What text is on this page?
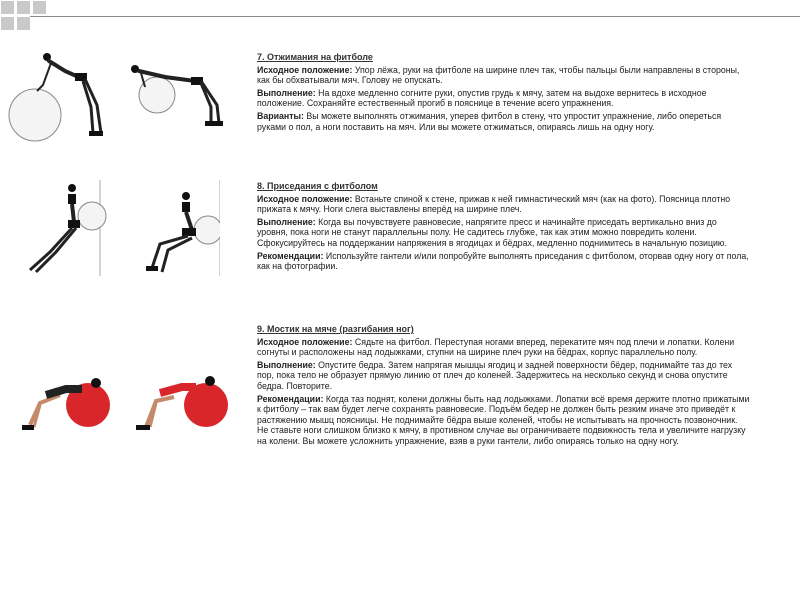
7. Отжимания на фитболе

Исходное положение: Упор лёжа, руки на фитболе на ширине плеч так, чтобы пальцы были направлены в стороны, как бы обхватывали мяч. Голову не опускать.

Выполнение: На вдохе медленно согните руки, опустив грудь к мячу, затем на выдохе вернитесь в исходное положение. Сохраняйте естественный прогиб в пояснице в течение всего упражнения.

Варианты: Вы можете выполнять отжимания, уперев фитбол в стену, что упростит упражнение, либо опереться руками о пол, а ноги поставить на мяч. Или вы можете отжиматься, опираясь лишь на одну ногу.

8. Приседания с фитболом

Исходное положение: Встаньте спиной к стене, прижав к ней гимнастический мяч (как на фото). Поясница плотно прижата к мячу. Ноги слега выставлены вперёд на ширине плеч.

Выполнение: Когда вы почувствуете равновесие, напрягите пресс и начинайте приседать вертикально вниз до уровня, пока ноги не станут параллельны полу. Не садитесь глубже, так как этим можно повредить колени. Сфокусируйтесь на поддержании напряжения в ягодицах и бёдрах, медленно поднимитесь в начальную позицию.

Рекомендации: Используйте гантели и/или попробуйте выполнять приседания с фитболом, оторвав одну ногу от пола, как на фотографии.

9. Мостик на мяче (разгибания ног)

Исходное положение: Сядьте на фитбол. Переступая ногами вперед, перекатите мяч под плечи и лопатки. Колени согнуты и расположены над лодыжками, ступни на ширине плеч руки на бёдрах, корпус параллельно полу.

Выполнение: Опустите бедра. Затем напрягая мышцы ягодиц и задней поверхности бёдер, поднимайте таз до тех пор, пока тело не образует прямую линию от плеч до коленей. Задержитесь на несколько секунд и снова опустите бедра. Повторите.

Рекомендации: Когда таз поднят, колени должны быть над лодыжками. Лопатки всё время держите плотно прижатыми к фитболу – так вам будет легче сохранять равновесие. Подъём бедер не должен быть резким иначе это приведёт к растяжению мышц поясницы. Не поднимайте бёдра выше коленей, чтобы не испытывать на прочность позвоночник. Не ставьте ноги слишком близко к мячу, в противном случае вы ограничиваете подвижность тела и увеличите нагрузку на колени. Вы можете усложнить упражнение, взяв в руки гантели, либо опираясь только на одну ногу.
